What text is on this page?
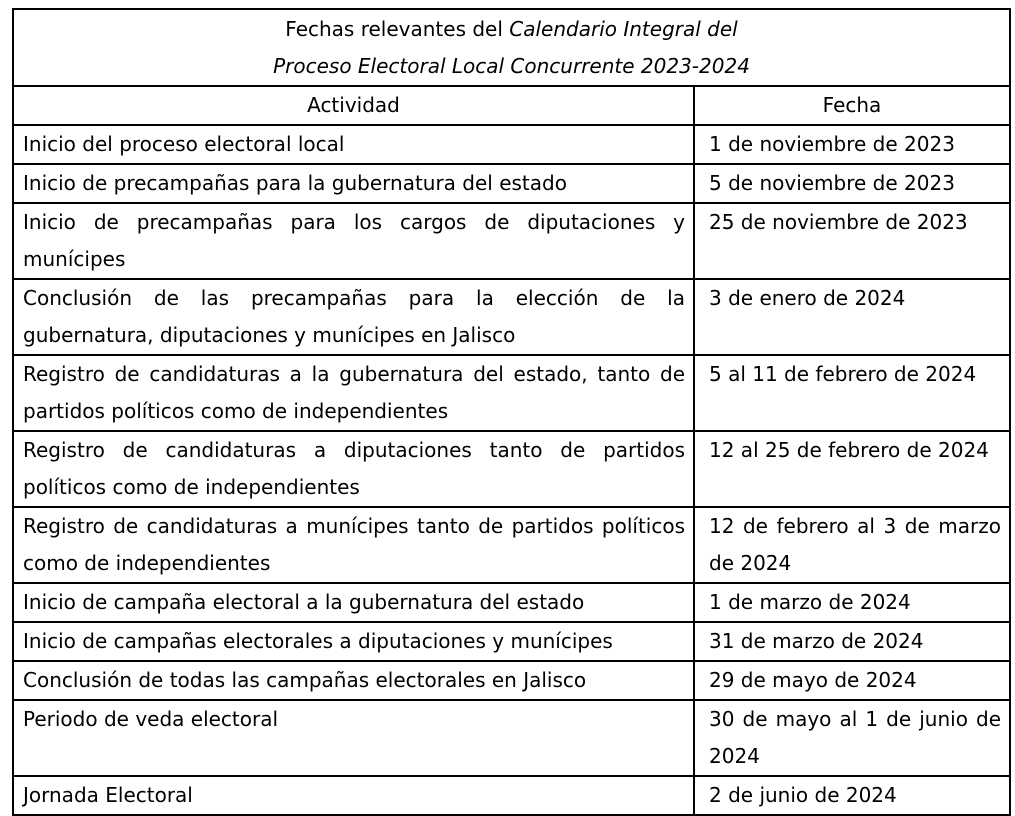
Fechas relevantes del Calendario Integral del
Proceso Electoral Local Concurrente 2023-2024	

Actividad	Fecha
Inicio del proceso electoral local	1 de noviembre de 2023
Inicio de precampañas para la gubernatura del estado	5 de noviembre de 2023
Inicio de precampañas para los cargos de diputaciones y munícipes	25 de noviembre de 2023
Conclusión de las precampañas para la elección de la gubernatura, diputaciones y munícipes en Jalisco	3 de enero de 2024
Registro de candidaturas a la gubernatura del estado, tanto de partidos políticos como de independientes	5 al 11 de febrero de 2024
Registro de candidaturas a diputaciones tanto de partidos políticos como de independientes	12 al 25 de febrero de 2024
Registro de candidaturas a munícipes tanto de partidos políticos como de independientes	12 de febrero al 3 de marzo de 2024
Inicio de campaña electoral a la gubernatura del estado	1 de marzo de 2024
Inicio de campañas electorales a diputaciones y munícipes	31 de marzo de 2024
Conclusión de todas las campañas electorales en Jalisco	29 de mayo de 2024
Periodo de veda electoral	30 de mayo al 1 de junio de 2024
Jornada Electoral	2 de junio de 2024
